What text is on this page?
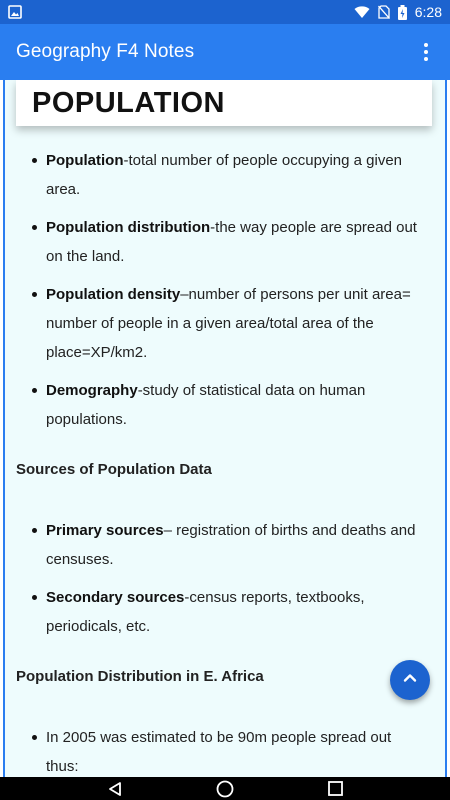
6:28
Geography F4 Notes
POPULATION
Population-total number of people occupying a given area.
Population distribution-the way people are spread out on the land.
Population density–number of persons per unit area= number of people in a given area/total area of the place=XP/km2.
Demography-study of statistical data on human populations.
Sources of Population Data
Primary sources– registration of births and deaths and censuses.
Secondary sources-census reports, textbooks, periodicals, etc.
Population Distribution in E. Africa
In 2005 was estimated to be 90m people spread out thus:
